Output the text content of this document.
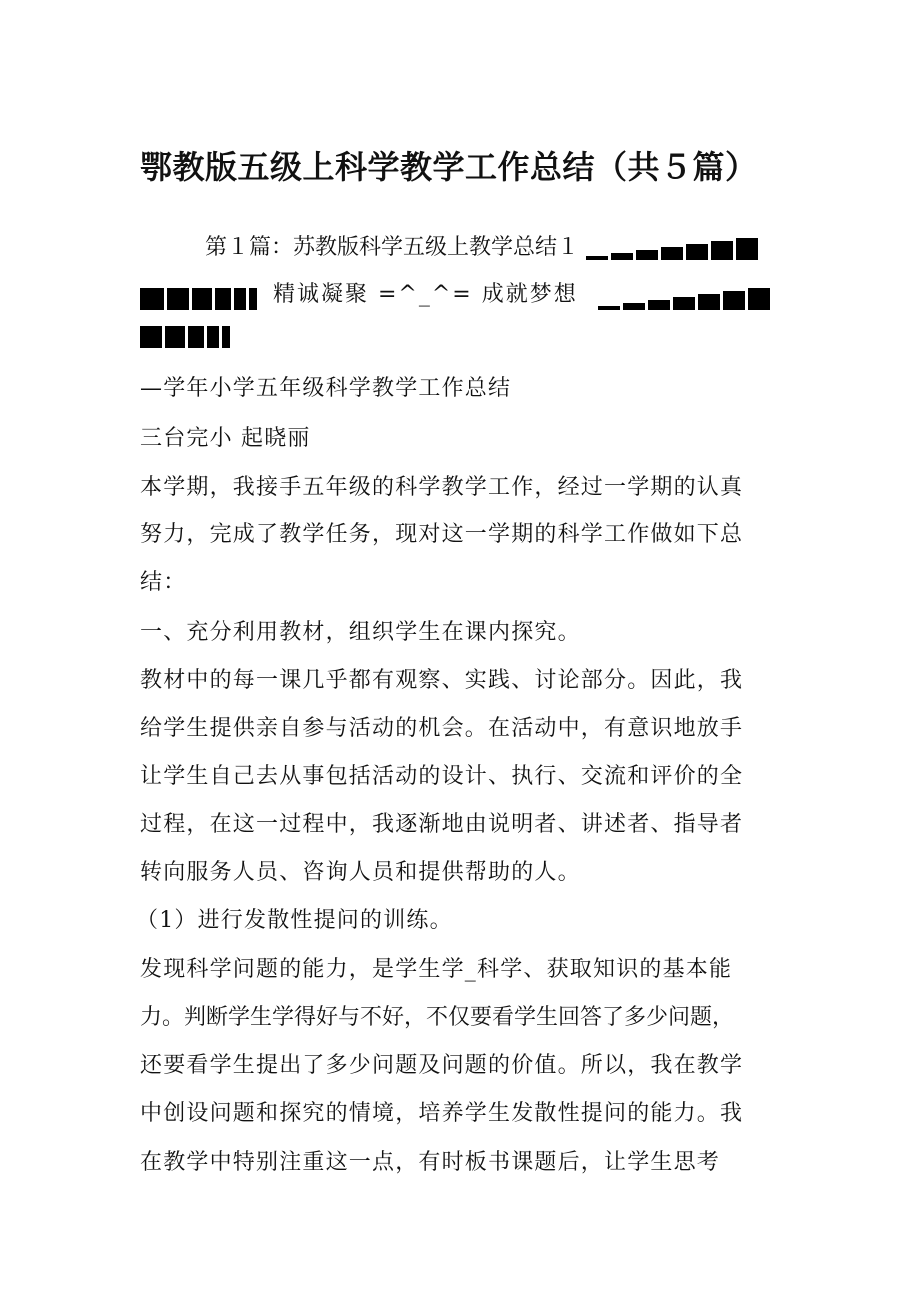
鄂教版五级上科学教学工作总结（共５篇）
第１篇：苏教版科学五级上教学总结１
精诚凝聚 =^_^= 成就梦想
—学年小学五年级科学教学工作总结
三台完小 起晓丽
本学期，我接手五年级的科学教学工作，经过一学期的认真
努力，完成了教学任务，现对这一学期的科学工作做如下总
结：
一、充分利用教材，组织学生在课内探究。
教材中的每一课几乎都有观察、实践、讨论部分。因此，我
给学生提供亲自参与活动的机会。在活动中，有意识地放手
让学生自己去从事包括活动的设计、执行、交流和评价的全
过程，在这一过程中，我逐渐地由说明者、讲述者、指导者
转向服务人员、咨询人员和提供帮助的人。
（1）进行发散性提问的训练。
发现科学问题的能力，是学生学_科学、获取知识的基本能
力。判断学生学得好与不好，不仅要看学生回答了多少问题，
还要看学生提出了多少问题及问题的价值。所以，我在教学
中创设问题和探究的情境，培养学生发散性提问的能力。我
在教学中特别注重这一点，有时板书课题后，让学生思考
